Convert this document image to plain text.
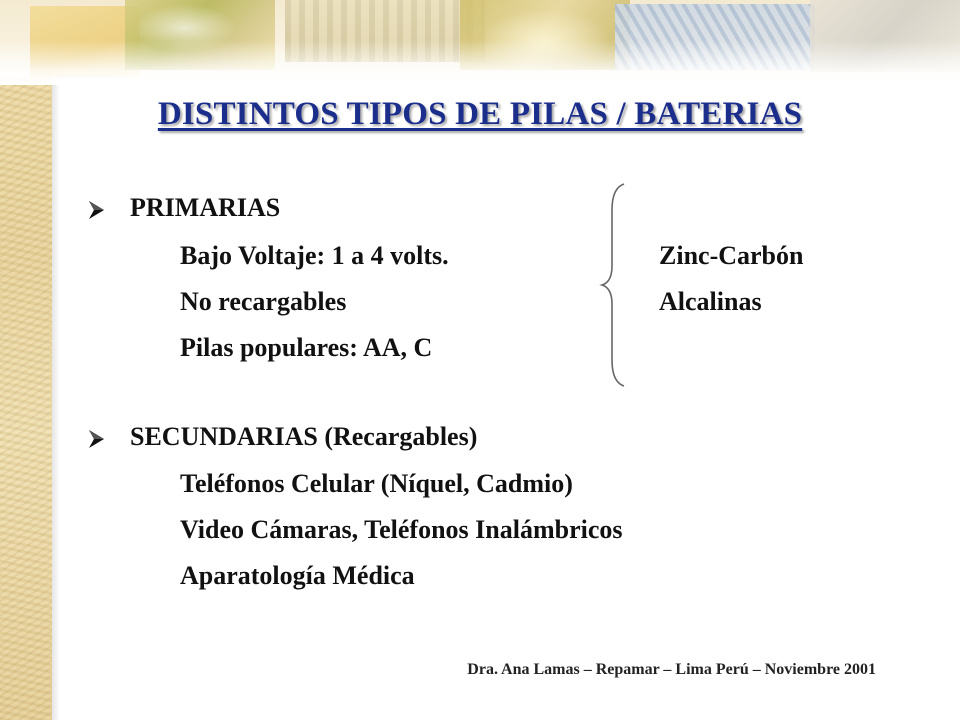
DISTINTOS TIPOS DE PILAS / BATERIAS

PRIMARIAS

Bajo Voltaje: 1 a 4 volts.

No recargables

Pilas populares: AA, C

Zinc-Carbón

Alcalinas

SECUNDARIAS (Recargables)

Teléfonos Celular (Níquel, Cadmio)

Video Cámaras, Teléfonos Inalámbricos

Aparatología Médica

Dra. Ana Lamas – Repamar – Lima Perú – Noviembre 2001
